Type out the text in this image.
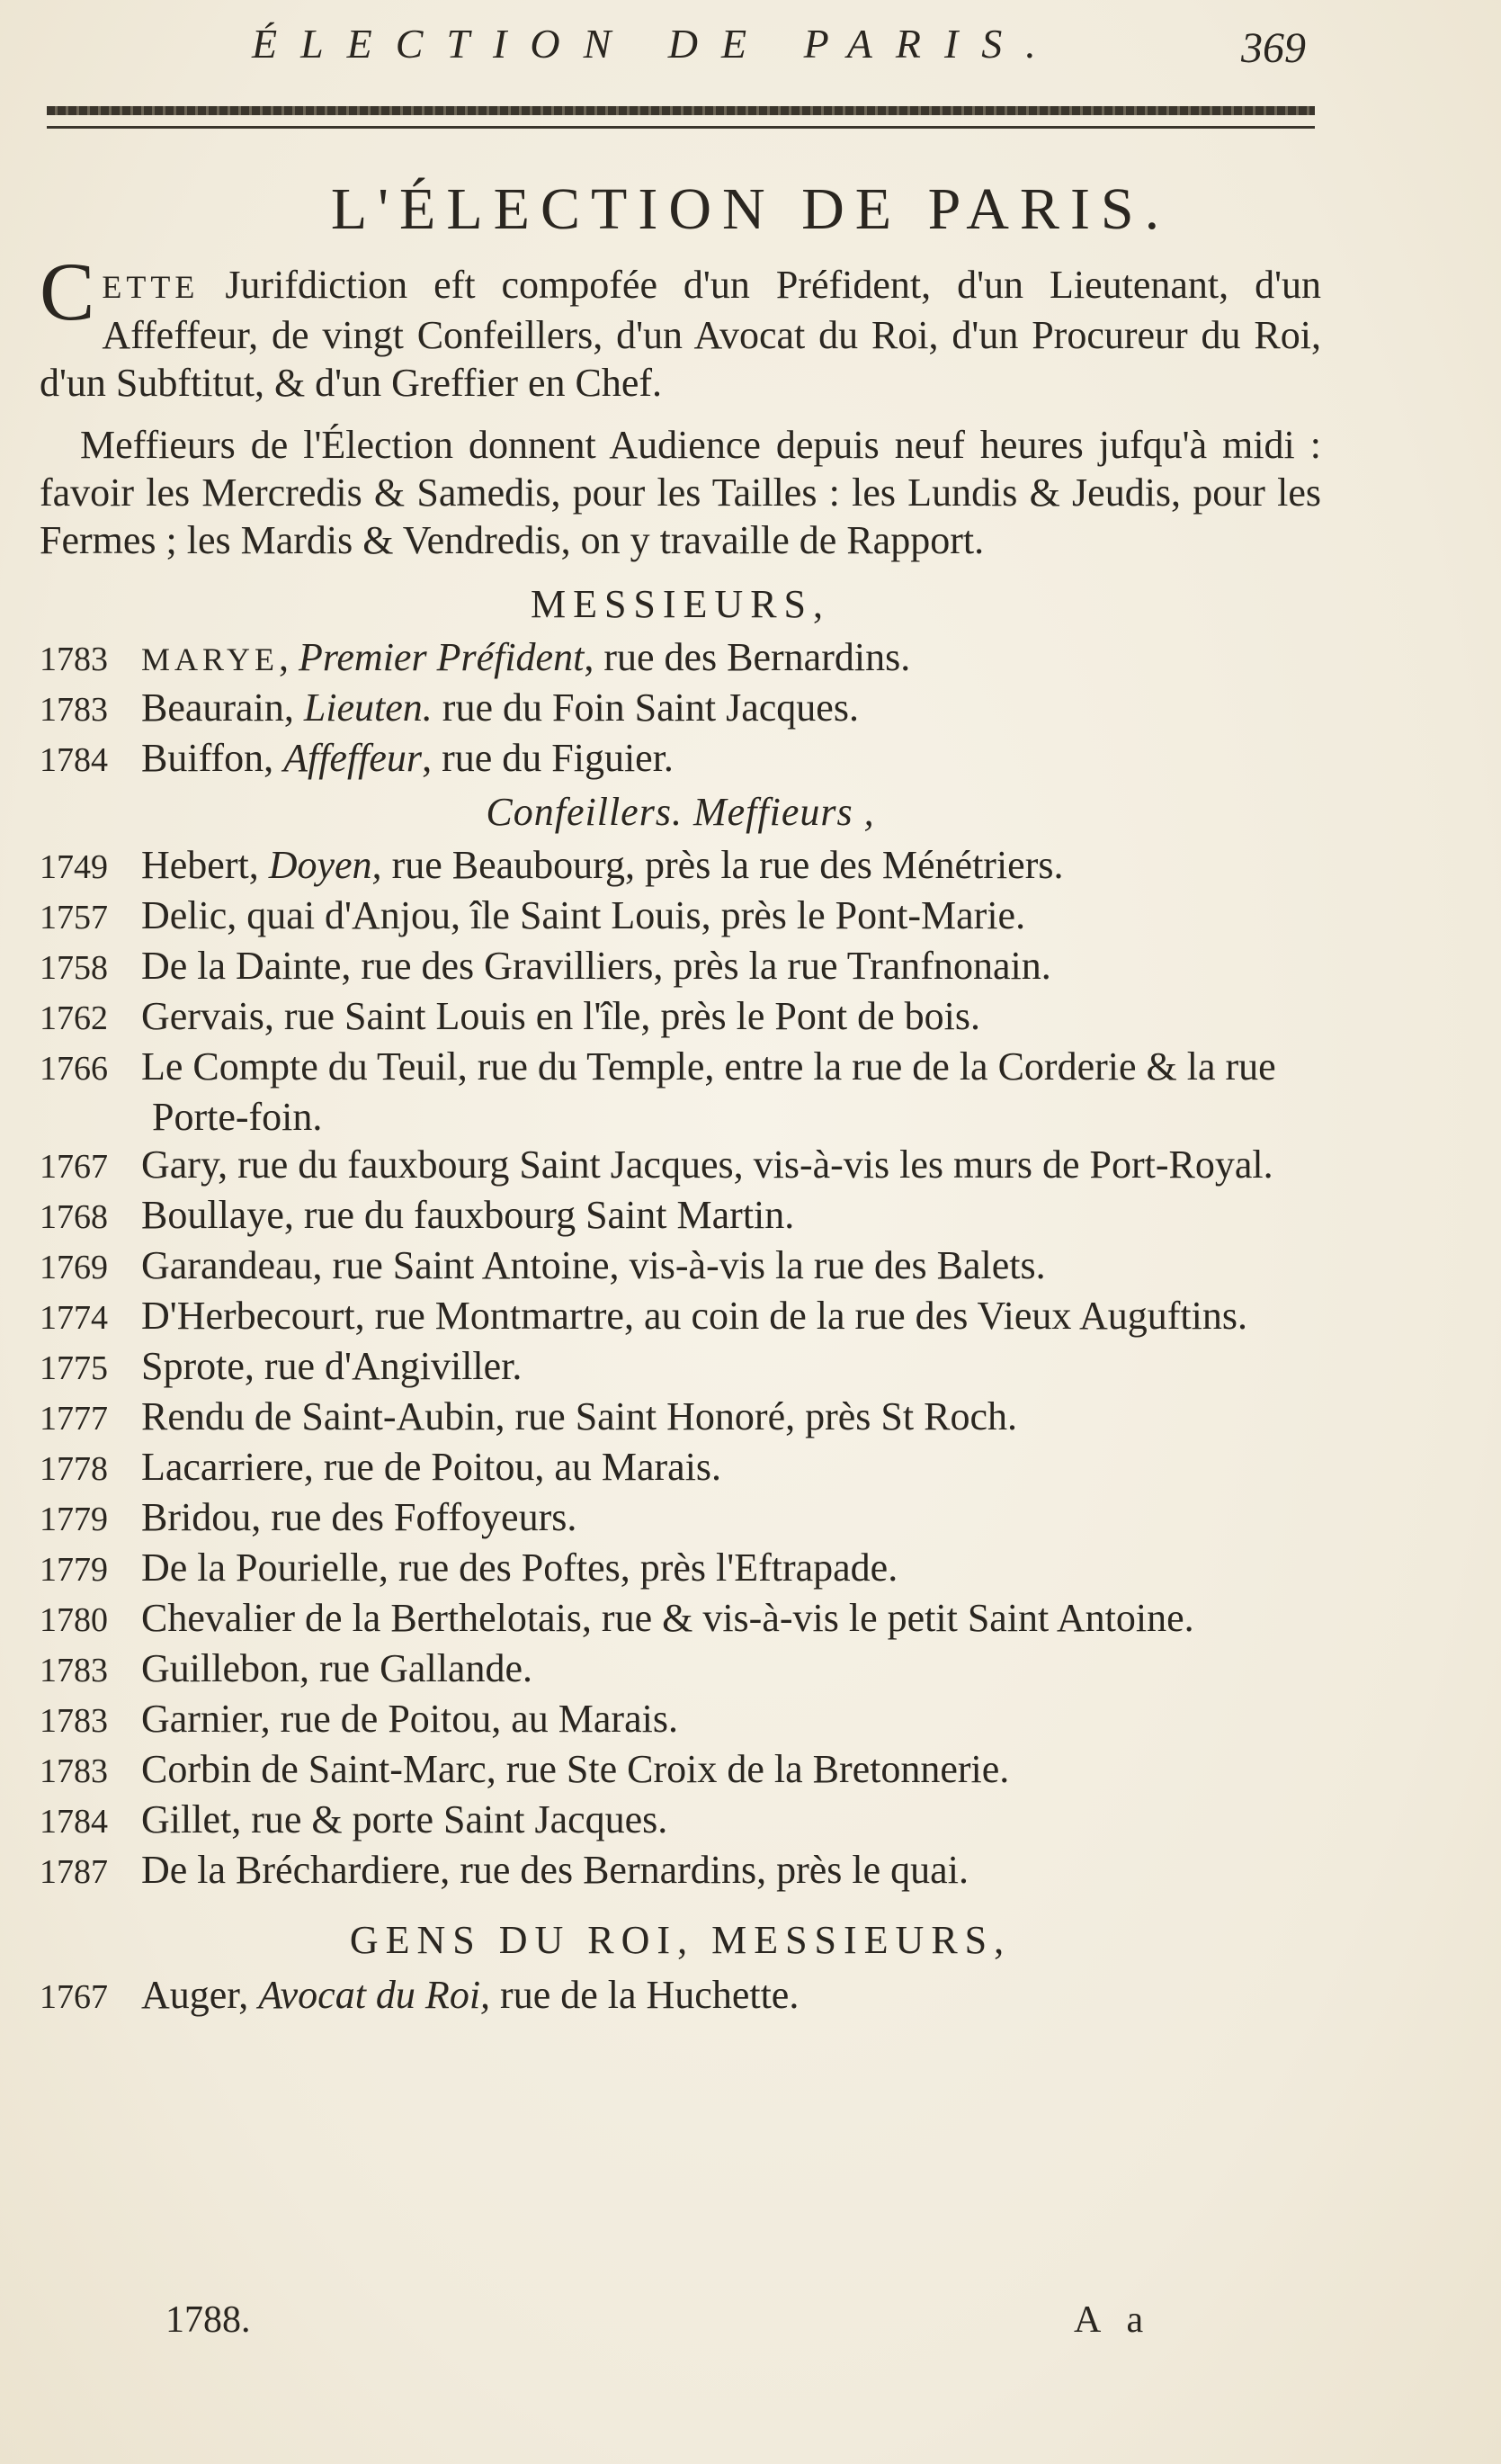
ÉLECTION DE PARIS.	369
L'ÉLECTION DE PARIS.

CETTE Jurifdiction eft compofée d'un Préfident, d'un Lieutenant, d'un Affeffeur, de vingt Confeillers, d'un Avocat du Roi, d'un Procureur du Roi, d'un Subftitut, & d'un Greffier en Chef.

Meffieurs de l'Élection donnent Audience depuis neuf heures jufqu'à midi : favoir les Mercredis & Samedis, pour les Tailles : les Lundis & Jeudis, pour les Fermes ; les Mardis & Vendredis, on y travaille de Rapport.

MESSIEURS,

1783 MARYE, Premier Préfident, rue des Bernardins.

1783 Beaurain, Lieuten. rue du Foin Saint Jacques.

1784 Buiffon, Affeffeur, rue du Figuier.

Confeillers. Meffieurs ,

1749 Hebert, Doyen, rue Beaubourg, près la rue des Ménétriers.

1757 Delic, quai d'Anjou, île Saint Louis, près le Pont-Marie.

1758 De la Dainte, rue des Gravilliers, près la rue Tranfnonain.

1762 Gervais, rue Saint Louis en l'île, près le Pont de bois.

1766 Le Compte du Teuil, rue du Temple, entre la rue de la Corderie & la rue Porte-foin.

1767 Gary, rue du fauxbourg Saint Jacques, vis-à-vis les murs de Port-Royal.

1768 Boullaye, rue du fauxbourg Saint Martin.

1769 Garandeau, rue Saint Antoine, vis-à-vis la rue des Balets.

1774 D'Herbecourt, rue Montmartre, au coin de la rue des Vieux Auguftins.

1775 Sprote, rue d'Angiviller.

1777 Rendu de Saint-Aubin, rue Saint Honoré, près St Roch.

1778 Lacarriere, rue de Poitou, au Marais.

1779 Bridou, rue des Foffoyeurs.

1779 De la Pourielle, rue des Poftes, près l'Eftrapade.

1780 Chevalier de la Berthelotais, rue & vis-à-vis le petit Saint Antoine.

1783 Guillebon, rue Gallande.

1783 Garnier, rue de Poitou, au Marais.

1783 Corbin de Saint-Marc, rue Ste Croix de la Bretonnerie.

1784 Gillet, rue & porte Saint Jacques.

1787 De la Bréchardiere, rue des Bernardins, près le quai.

GENS DU ROI, MESSIEURS,

1767 Auger, Avocat du Roi, rue de la Huchette.

1788.	A a
